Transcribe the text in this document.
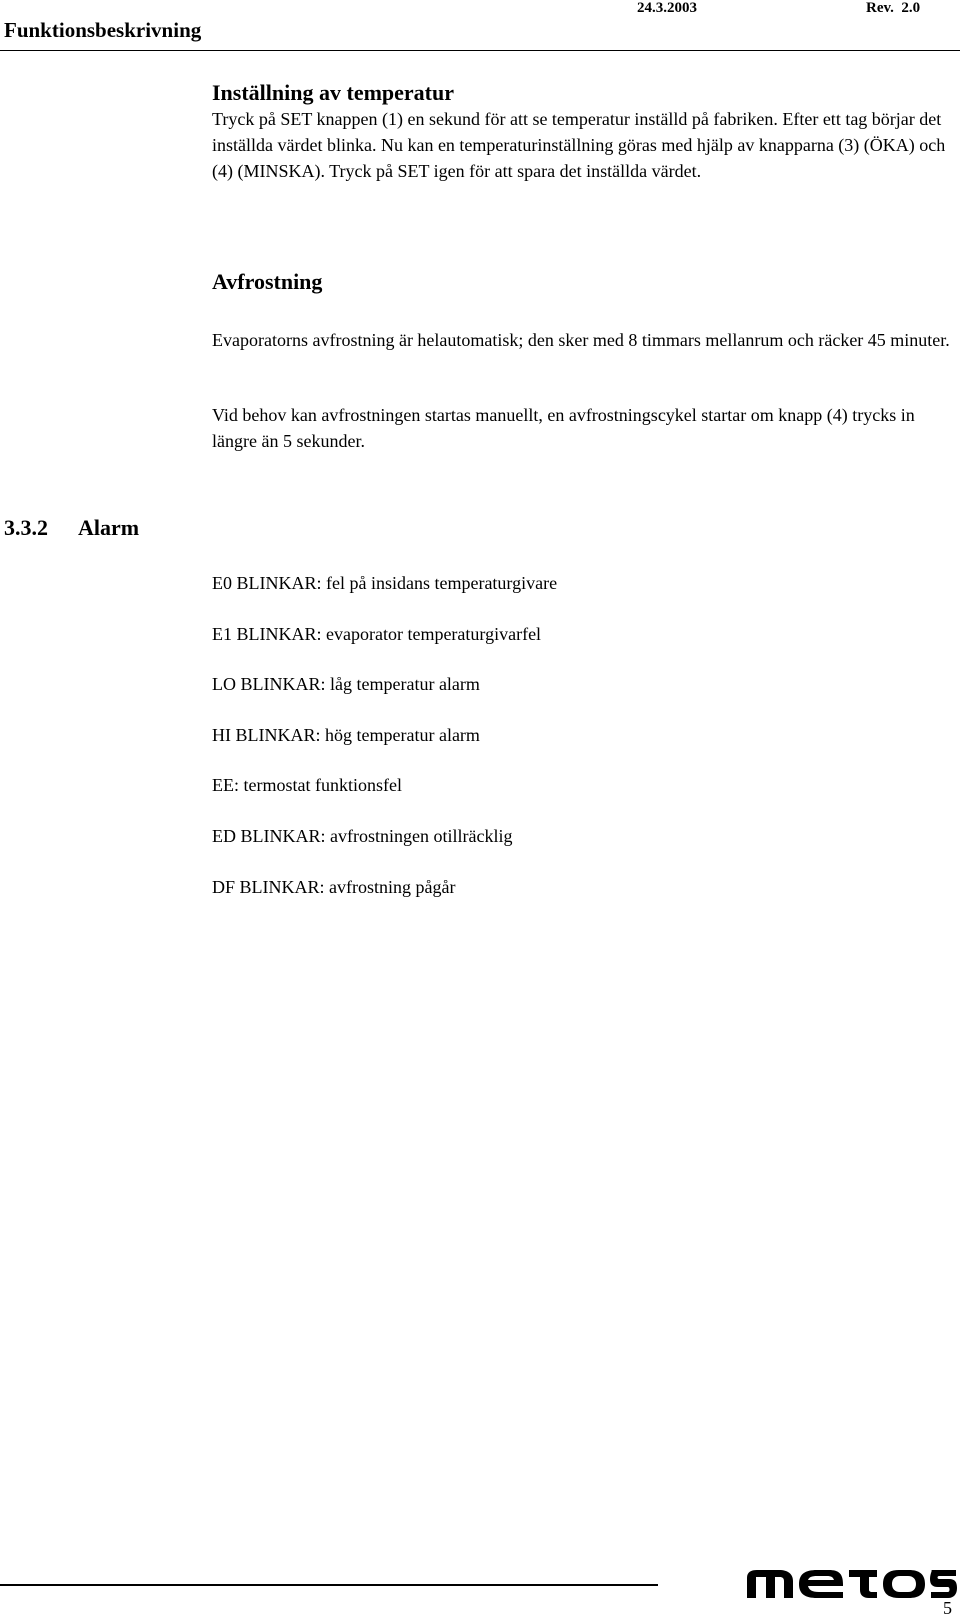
Funktionsbeskrivning
24.3.2003	Rev.  2.0
Inställning av temperatur

Tryck på SET knappen (1) en sekund för att se temperatur inställd på fabriken. Efter ett tag börjar det inställda värdet blinka. Nu kan en temperaturinställning göras med hjälp av knapparna (3) (ÖKA) och (4) (MINSKA). Tryck på SET igen för att spara det inställda värdet.

Avfrostning

Evaporatorns avfrostning är helautomatisk; den sker med 8 timmars mellanrum och räcker 45 minuter.

Vid behov kan avfrostningen startas manuellt, en avfrostningscykel startar om knapp (4) trycks in längre än 5 sekunder.

3.3.2 Alarm
E0 BLINKAR: fel på insidans temperaturgivare
E1 BLINKAR: evaporator temperaturgivarfel
LO BLINKAR: låg temperatur alarm
HI BLINKAR: hög temperatur alarm
EE: termostat funktionsfel
ED BLINKAR: avfrostningen otillräcklig
DF BLINKAR: avfrostning pågår
5
